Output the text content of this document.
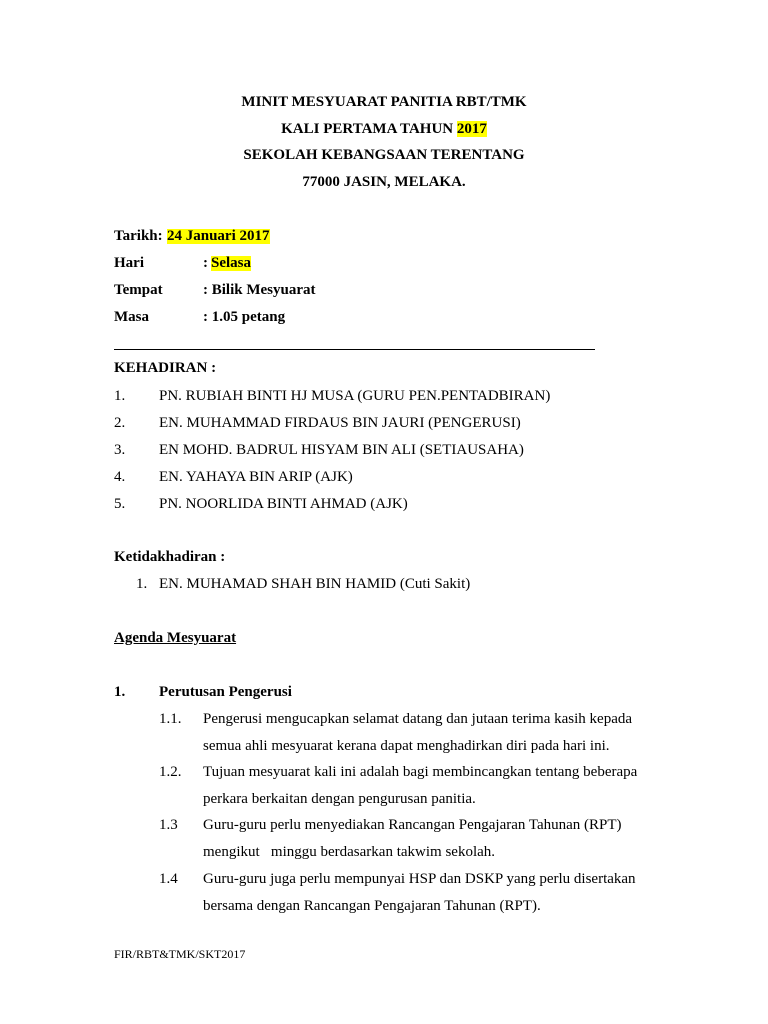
MINIT MESYUARAT PANITIA RBT/TMK
KALI PERTAMA TAHUN 2017
SEKOLAH KEBANGSAAN TERENTANG
77000 JASIN, MELAKA.
Tarikh: 24 Januari 2017
Hari	: Selasa
Tempat	: Bilik Mesyuarat
Masa	: 1.05 petang
KEHADIRAN :
1. PN. RUBIAH BINTI HJ MUSA (GURU PEN.PENTADBIRAN)
2. EN. MUHAMMAD FIRDAUS BIN JAURI (PENGERUSI)
3. EN MOHD. BADRUL HISYAM BIN ALI (SETIAUSAHA)
4. EN. YAHAYA BIN ARIP (AJK)
5. PN. NOORLIDA BINTI AHMAD (AJK)
Ketidakhadiran :
1. EN. MUHAMAD SHAH BIN HAMID (Cuti Sakit)
Agenda Mesyuarat
1. Perutusan Pengerusi
1.1. Pengerusi mengucapkan selamat datang dan jutaan terima kasih kepada
semua ahli mesyuarat kerana dapat menghadirkan diri pada hari ini.
1.2. Tujuan mesyuarat kali ini adalah bagi membincangkan tentang beberapa
perkara berkaitan dengan pengurusan panitia.
1.3 Guru-guru perlu menyediakan Rancangan Pengajaran Tahunan (RPT)
mengikut   minggu berdasarkan takwim sekolah.
1.4 Guru-guru juga perlu mempunyai HSP dan DSKP yang perlu disertakan
bersama dengan Rancangan Pengajaran Tahunan (RPT).
FIR/RBT&TMK/SKT2017
